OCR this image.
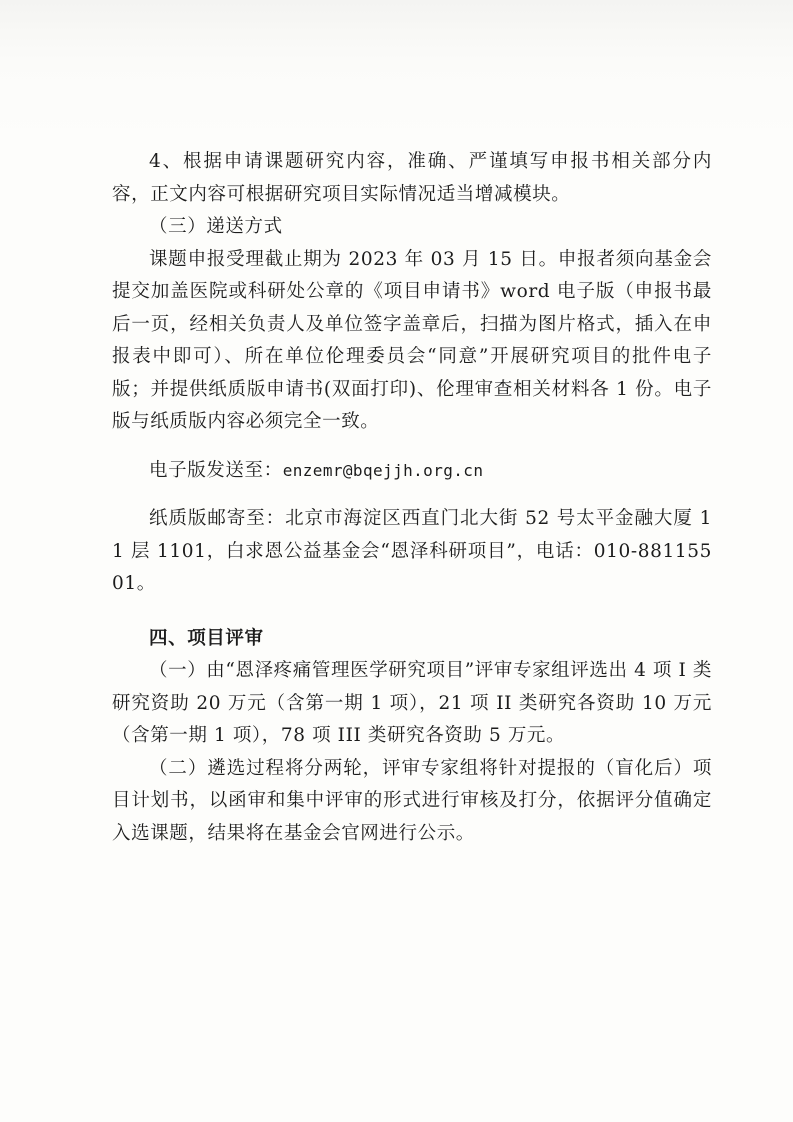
4、根据申请课题研究内容，准确、严谨填写申报书相关部分内容，正文内容可根据研究项目实际情况适当增减模块。

（三）递送方式

课题申报受理截止期为 2023 年 03 月 15 日。申报者须向基金会提交加盖医院或科研处公章的《项目申请书》word 电子版（申报书最后一页，经相关负责人及单位签字盖章后，扫描为图片格式，插入在申报表中即可）、所在单位伦理委员会“同意”开展研究项目的批件电子版；并提供纸质版申请书(双面打印)、伦理审查相关材料各 1 份。电子版与纸质版内容必须完全一致。

电子版发送至：enzemr@bqejjh.org.cn

纸质版邮寄至：北京市海淀区西直门北大街 52 号太平金融大厦 11 层 1101，白求恩公益基金会“恩泽科研项目”，电话：010-88115501。

四、项目评审

（一）由“恩泽疼痛管理医学研究项目”评审专家组评选出 4 项 I 类研究资助 20 万元（含第一期 1 项），21 项 II 类研究各资助 10 万元（含第一期 1 项），78 项 III 类研究各资助 5 万元。

（二）遴选过程将分两轮，评审专家组将针对提报的（盲化后）项目计划书，以函审和集中评审的形式进行审核及打分，依据评分值确定入选课题，结果将在基金会官网进行公示。
